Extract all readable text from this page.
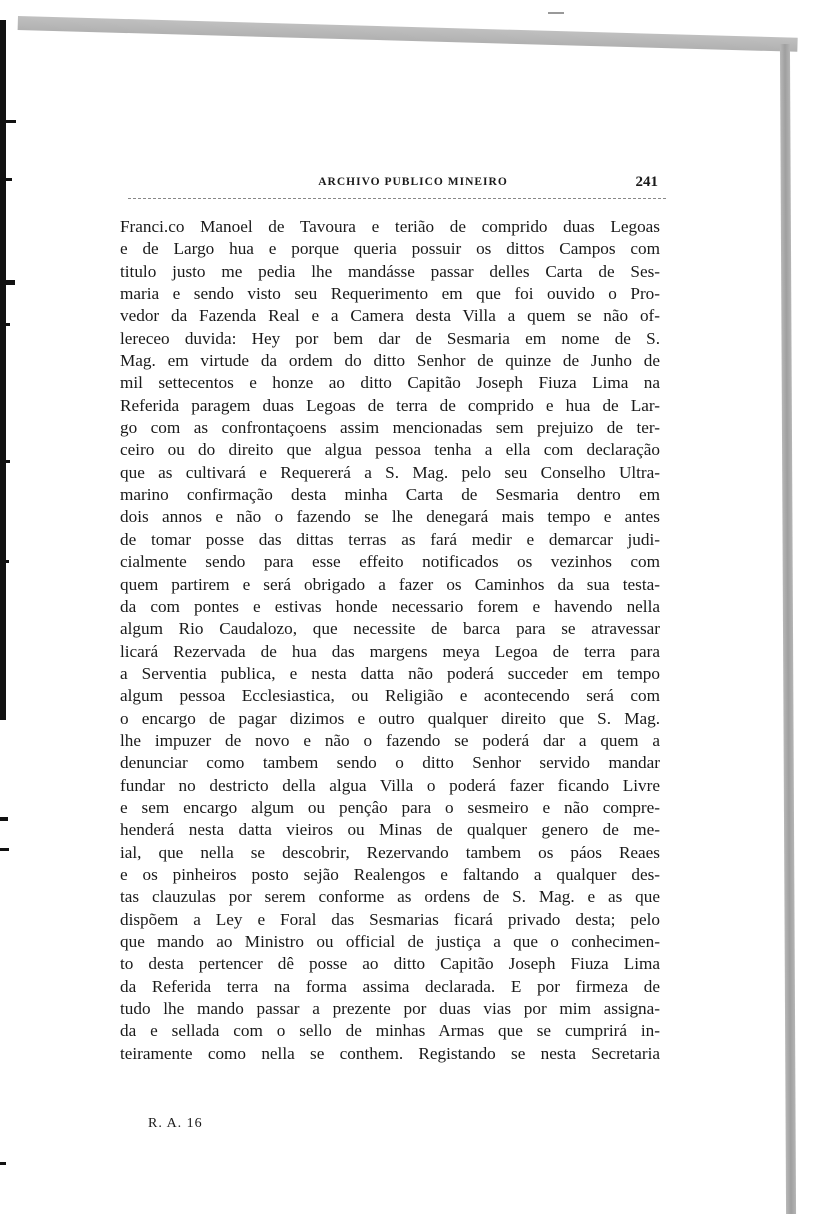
ARCHIVO PUBLICO MINEIRO	241
Franci.co Manoel de Tavoura e terião de comprido duas Legoas
e de Largo hua e porque queria possuir os dittos Campos com
titulo justo me pedia lhe mandásse passar delles Carta de Ses-
maria e sendo visto seu Requerimento em que foi ouvido o Pro-
vedor da Fazenda Real e a Camera desta Villa a quem se não of-
lereceo duvida: Hey por bem dar de Sesmaria em nome de S.
Mag. em virtude da ordem do ditto Senhor de quinze de Junho de
mil settecentos e honze ao ditto Capitão Joseph Fiuza Lima na
Referida paragem duas Legoas de terra de comprido e hua de Lar-
go com as confrontaçoens assim mencionadas sem prejuizo de ter-
ceiro ou do direito que algua pessoa tenha a ella com declaração
que as cultivará e Requererá a S. Mag. pelo seu Conselho Ultra-
marino confirmação desta minha Carta de Sesmaria dentro em
dois annos e não o fazendo se lhe denegará mais tempo e antes
de tomar posse das dittas terras as fará medir e demarcar judi-
cialmente sendo para esse effeito notificados os vezinhos com
quem partirem e será obrigado a fazer os Caminhos da sua testa-
da com pontes e estivas honde necessario forem e havendo nella
algum Rio Caudalozo, que necessite de barca para se atravessar
licará Rezervada de hua das margens meya Legoa de terra para
a Serventia publica, e nesta datta não poderá succeder em tempo
algum pessoa Ecclesiastica, ou Religião e acontecendo será com
o encargo de pagar dizimos e outro qualquer direito que S. Mag.
lhe impuzer de novo e não o fazendo se poderá dar a quem a
denunciar como tambem sendo o ditto Senhor servido mandar
fundar no destricto della algua Villa o poderá fazer ficando Livre
e sem encargo algum ou pençâo para o sesmeiro e não compre-
henderá nesta datta vieiros ou Minas de qualquer genero de me-
ial, que nella se descobrir, Rezervando tambem os páos Reaes
e os pinheiros posto sejão Realengos e faltando a qualquer des-
tas clauzulas por serem conforme as ordens de S. Mag. e as que
dispõem a Ley e Foral das Sesmarias ficará privado desta; pelo
que mando ao Ministro ou official de justiça a que o conhecimen-
to desta pertencer dê posse ao ditto Capitão Joseph Fiuza Lima
da Referida terra na forma assima declarada. E por firmeza de
tudo lhe mando passar a prezente por duas vias por mim assigna-
da e sellada com o sello de minhas Armas que se cumprirá in-
teiramente como nella se conthem. Registando se nesta Secretaria
R. A. 16
